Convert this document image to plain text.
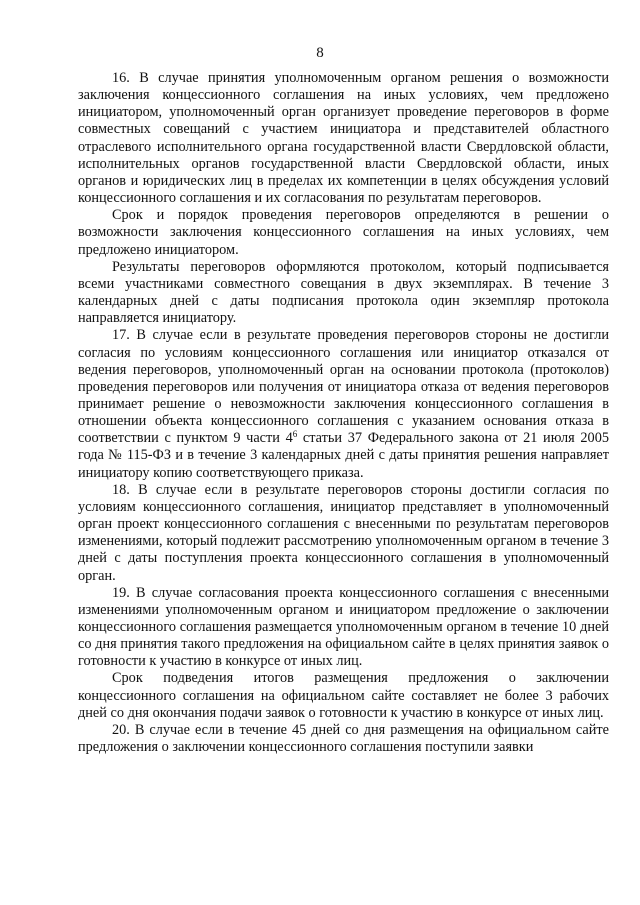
8

16. В случае принятия уполномоченным органом решения о возможности заключения концессионного соглашения на иных условиях, чем предложено инициатором, уполномоченный орган организует проведение переговоров в форме совместных совещаний с участием инициатора и представителей областного отраслевого исполнительного органа государственной власти Свердловской области, исполнительных органов государственной власти Свердловской области, иных органов и юридических лиц в пределах их компетенции в целях обсуждения условий концессионного соглашения и их согласования по результатам переговоров.

Срок и порядок проведения переговоров определяются в решении о возможности заключения концессионного соглашения на иных условиях, чем предложено инициатором.

Результаты переговоров оформляются протоколом, который подписывается всеми участниками совместного совещания в двух экземплярах. В течение 3 календарных дней с даты подписания протокола один экземпляр протокола направляется инициатору.

17. В случае если в результате проведения переговоров стороны не достигли согласия по условиям концессионного соглашения или инициатор отказался от ведения переговоров, уполномоченный орган на основании протокола (протоколов) проведения переговоров или получения от инициатора отказа от ведения переговоров принимает решение о невозможности заключения концессионного соглашения в отношении объекта концессионного соглашения с указанием основания отказа в соответствии с пунктом 9 части $4^6$ статьи 37 Федерального закона от 21 июля 2005 года № 115-ФЗ и в течение 3 календарных дней с даты принятия решения направляет инициатору копию соответствующего приказа.

18. В случае если в результате переговоров стороны достигли согласия по условиям концессионного соглашения, инициатор представляет в уполномоченный орган проект концессионного соглашения с внесенными по результатам переговоров изменениями, который подлежит рассмотрению уполномоченным органом в течение 3 дней с даты поступления проекта концессионного соглашения в уполномоченный орган.

19. В случае согласования проекта концессионного соглашения с внесенными изменениями уполномоченным органом и инициатором предложение о заключении концессионного соглашения размещается уполномоченным органом в течение 10 дней со дня принятия такого предложения на официальном сайте в целях принятия заявок о готовности к участию в конкурсе от иных лиц.

Срок подведения итогов размещения предложения о заключении концессионного соглашения на официальном сайте составляет не более 3 рабочих дней со дня окончания подачи заявок о готовности к участию в конкурсе от иных лиц.

20. В случае если в течение 45 дней со дня размещения на официальном сайте предложения о заключении концессионного соглашения поступили заявки
